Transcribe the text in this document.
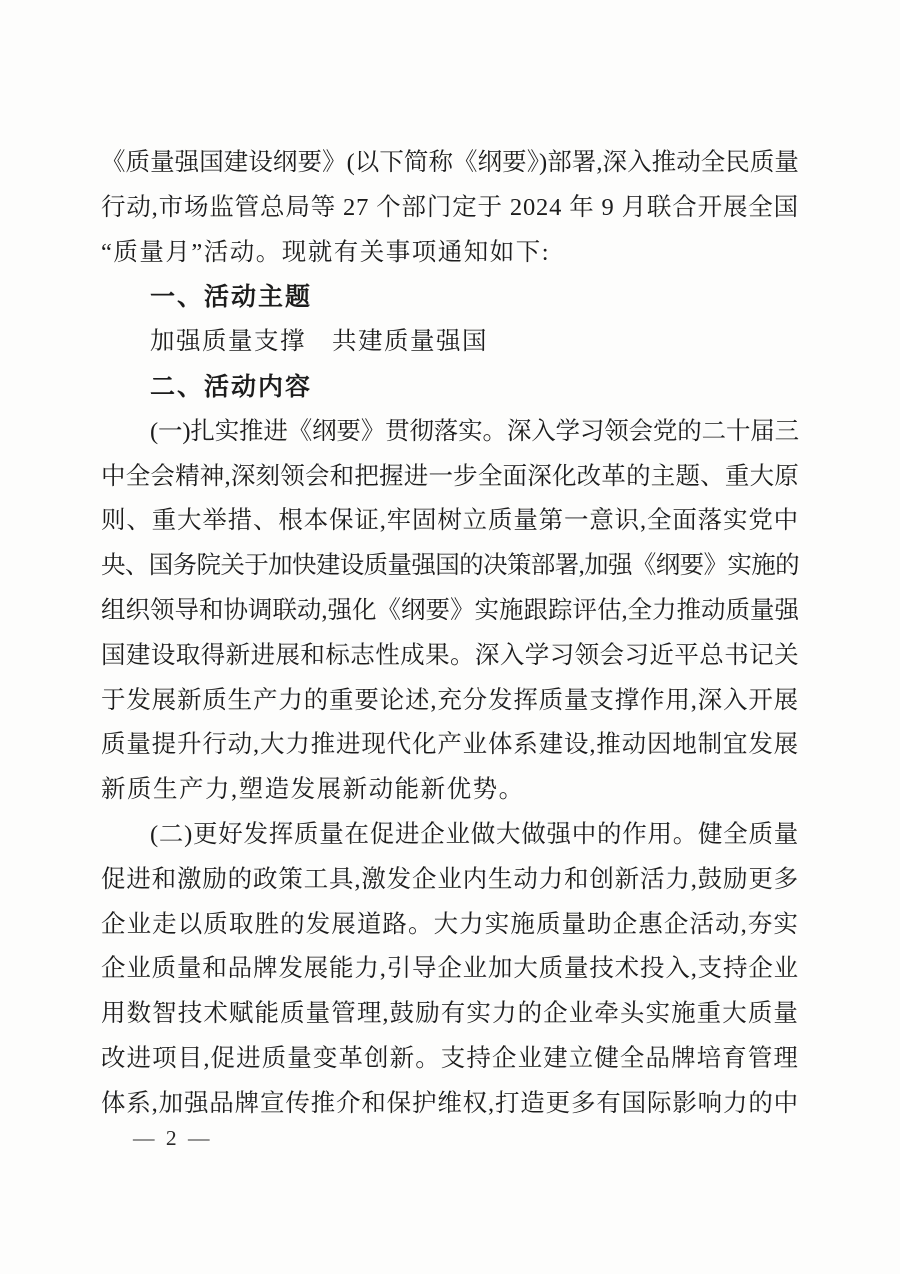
《质量强国建设纲要》(以下简称《纲要》)部署,深入推动全民质量
行动,市场监管总局等 27 个部门定于 2024 年 9 月联合开展全国
“质量月”活动。现就有关事项通知如下:
一、活动主题
加强质量支撑　共建质量强国
二、活动内容
(一)扎实推进《纲要》贯彻落实。深入学习领会党的二十届三
中全会精神,深刻领会和把握进一步全面深化改革的主题、重大原
则、重大举措、根本保证,牢固树立质量第一意识,全面落实党中
央、国务院关于加快建设质量强国的决策部署,加强《纲要》实施的
组织领导和协调联动,强化《纲要》实施跟踪评估,全力推动质量强
国建设取得新进展和标志性成果。深入学习领会习近平总书记关
于发展新质生产力的重要论述,充分发挥质量支撑作用,深入开展
质量提升行动,大力推进现代化产业体系建设,推动因地制宜发展
新质生产力,塑造发展新动能新优势。
(二)更好发挥质量在促进企业做大做强中的作用。健全质量
促进和激励的政策工具,激发企业内生动力和创新活力,鼓励更多
企业走以质取胜的发展道路。大力实施质量助企惠企活动,夯实
企业质量和品牌发展能力,引导企业加大质量技术投入,支持企业
用数智技术赋能质量管理,鼓励有实力的企业牵头实施重大质量
改进项目,促进质量变革创新。支持企业建立健全品牌培育管理
体系,加强品牌宣传推介和保护维权,打造更多有国际影响力的中
— 2 —
